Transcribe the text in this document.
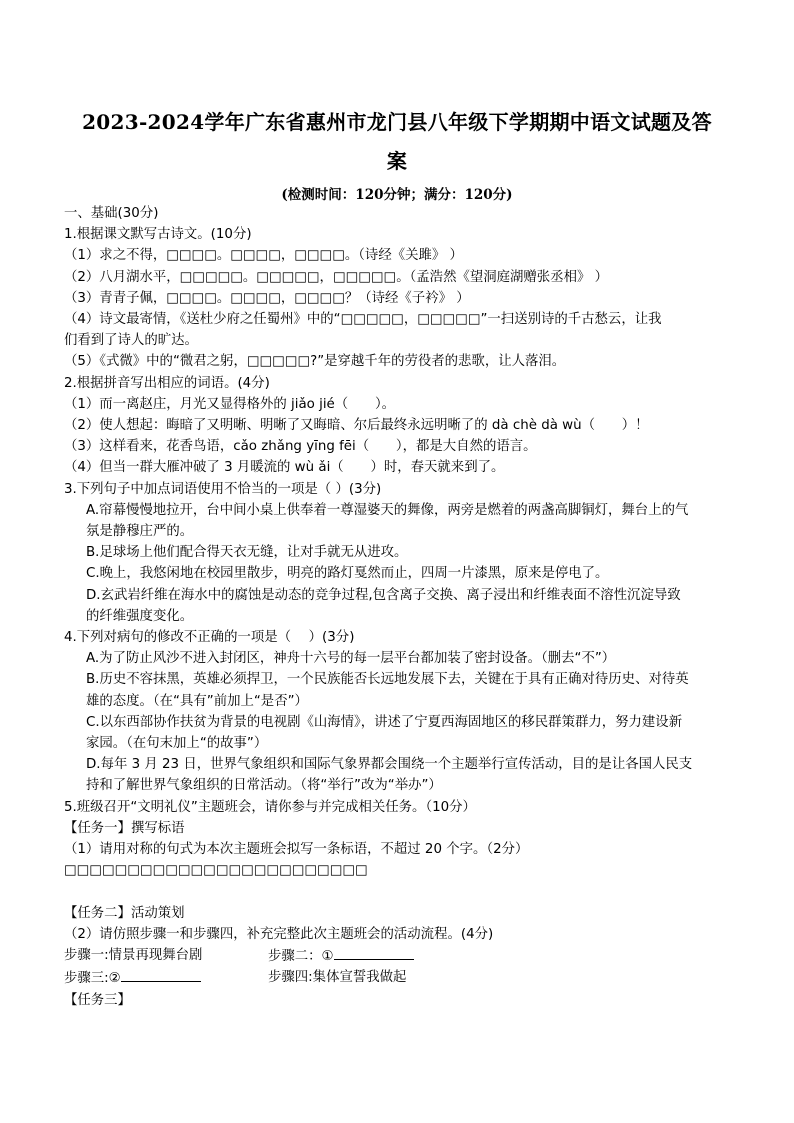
2023-2024学年广东省惠州市龙门县八年级下学期期中语文试题及答
案
(检测时间：120分钟；满分：120分)
一、基础(30分)
1.根据课文默写古诗文。(10分)
（1）求之不得，□□□□。□□□□，□□□□。（诗经《关雎》 ）
（2）八月湖水平，□□□□□。□□□□□，□□□□□。（孟浩然《望洞庭湖赠张丞相》 ）
（3）青青子佩，□□□□。□□□□，□□□□？（诗经《子衿》 ）
（4）诗文最寄情，《送杜少府之任蜀州》中的“□□□□□，□□□□□”一扫送别诗的千古愁云，让我
们看到了诗人的旷达。
（5）《式微》中的“微君之躬，□□□□□?”是穿越千年的劳役者的悲歌，让人落泪。
2.根据拼音写出相应的词语。(4分)
（1）而一离赵庄，月光又显得格外的 jiǎo jié（　　）。
（2）使人想起：晦暗了又明晰、明晰了又晦暗、尔后最终永远明晰了的 dà chè dà wù（　　）！
（3）这样看来，花香鸟语，cǎo zhǎng yīng fēi（　　），都是大自然的语言。
（4）但当一群大雁冲破了 3 月暖流的 wù ǎi（　　）时，春天就来到了。
3.下列句子中加点词语使用不恰当的一项是（ ）(3分)
A.帘幕慢慢地拉开，台中间小桌上供奉着一尊湿婆天的舞像，两旁是燃着的两盏高脚铜灯，舞台上的气
氛是静穆庄严的。
B.足球场上他们配合得天衣无缝，让对手就无从进攻。
C.晚上，我悠闲地在校园里散步，明亮的路灯戛然而止，四周一片漆黑，原来是停电了。
D.玄武岩纤维在海水中的腐蚀是动态的竞争过程,包含离子交换、离子浸出和纤维表面不溶性沉淀导致
的纤维强度变化。
4.下列对病句的修改不正确的一项是（　 ）(3分)
A.为了防止风沙不进入封闭区，神舟十六号的每一层平台都加装了密封设备。（删去“不”）
B.历史不容抹黑，英雄必须捍卫，一个民族能否长远地发展下去，关键在于具有正确对待历史、对待英
雄的态度。（在“具有”前加上“是否”）
C.以东西部协作扶贫为背景的电视剧《山海情》，讲述了宁夏西海固地区的移民群策群力，努力建设新
家园。（在句末加上“的故事”）
D.每年 3 月 23 日，世界气象组织和国际气象界都会围绕一个主题举行宣传活动，目的是让各国人民支
持和了解世界气象组织的日常活动。（将“举行”改为“举办”）
5.班级召开“文明礼仪”主题班会，请你参与并完成相关任务。（10分）
【任务一】撰写标语
（1）请用对称的句式为本次主题班会拟写一条标语，不超过 20 个字。（2分）
□□□□□□□□□□□□□□□□□□□□□□□□
【任务二】活动策划
（2）请仿照步骤一和步骤四，补充完整此次主题班会的活动流程。(4分)
步骤一:情景再现舞台剧	步骤二：①
步骤三:②	步骤四:集体宣誓我做起
【任务三】
